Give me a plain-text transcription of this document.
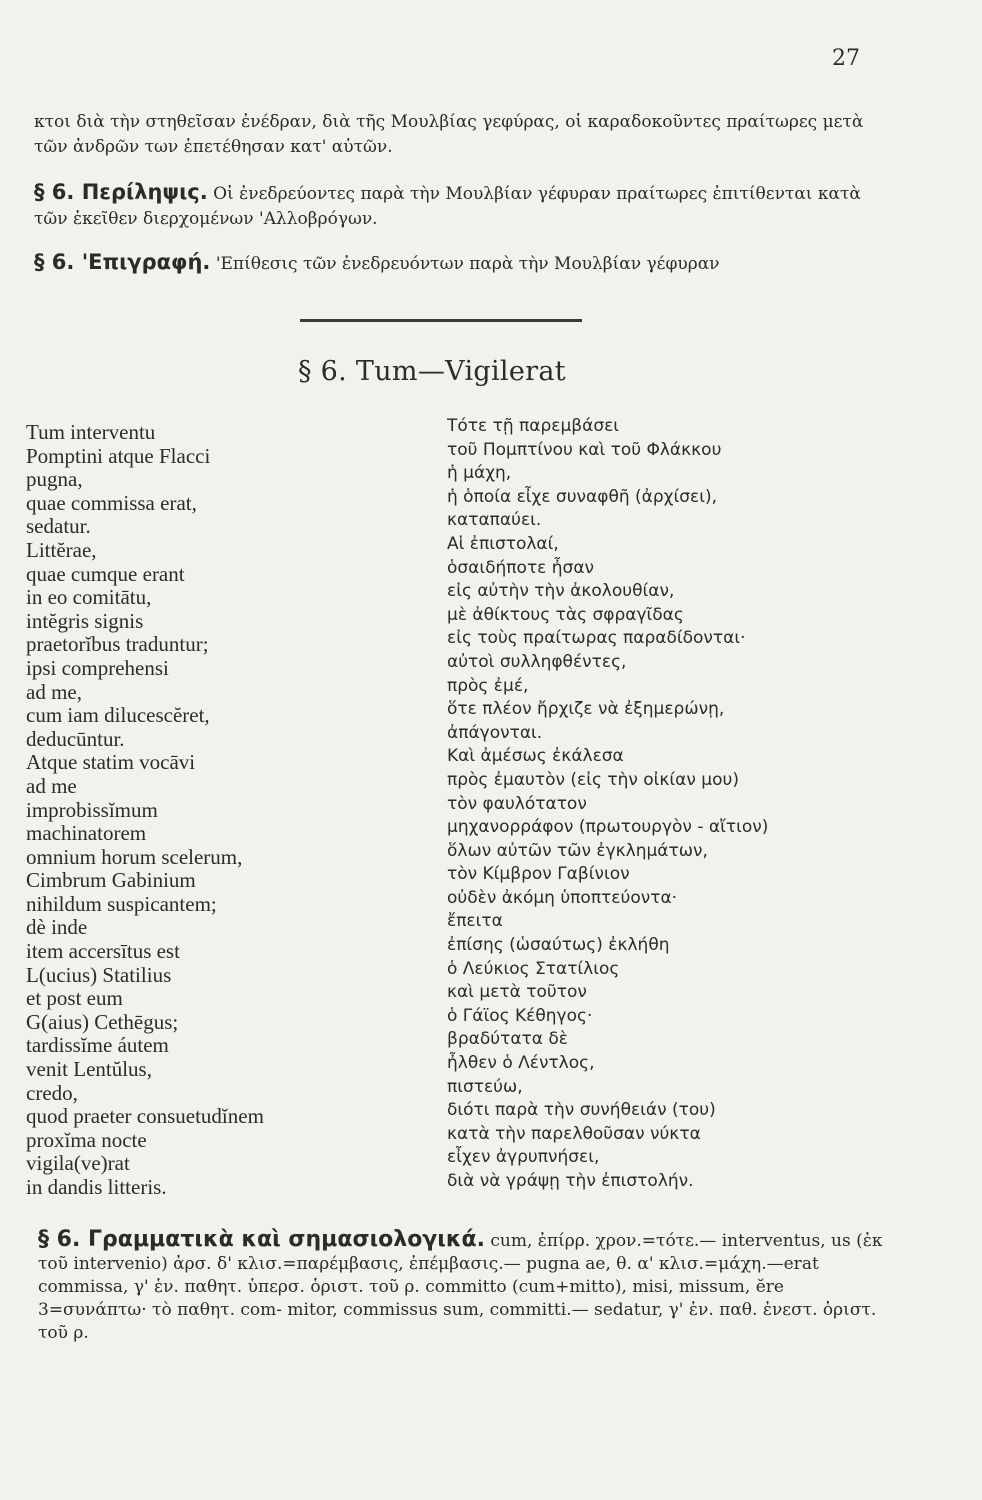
27

κτοι διὰ τὴν στηθεῖσαν ἐνέδραν, διὰ τῆς Μουλβίας γεφύρας, οἱ καραδοκοῦντες πραίτωρες μετὰ τῶν ἀνδρῶν των ἐπετέθησαν κατ' αὐτῶν.

§ 6. Περίληψις. Οἱ ἐνεδρεύοντες παρὰ τὴν Μουλβίαν γέφυραν πραίτωρες ἐπιτίθενται κατὰ τῶν ἐκεῖθεν διερχομένων 'Αλλοβρόγων.

§ 6. 'Επιγραφή. 'Επίθεσις τῶν ἐνεδρευόντων παρὰ τὴν Μουλβίαν γέφυραν

§ 6. Tum—Vigilerat
Tum interventu
Pomptini atque Flacci
pugna,
quae commissa erat,
sedatur.
Littĕrae,
quae cumque erant
in eo comitātu,
intĕgris signis
praetorĭbus traduntur;
ipsi comprehensi
ad me,
cum iam dilucescĕret,
deducūntur.
Atque statim vocāvi
ad me
improbissĭmum
machinatorem
omnium horum scelerum,
Cimbrum Gabinium
nihildum suspicantem;
dè inde
item accersītus est
L(ucius) Statilius
et post eum
G(aius) Cethēgus;
tardissĭme áutem
venit Lentŭlus,
credo,
quod praeter consuetudĭnem
proxĭma nocte
vigila(ve)rat
in dandis litteris.
Τότε τῇ παρεμβάσει
τοῦ Πομπτίνου καὶ τοῦ Φλάκκου
ἡ μάχη,
ἡ ὁποία εἶχε συναφθῆ (ἀρχίσει),
καταπαύει.
Αἱ ἐπιστολαί,
ὁσαιδήποτε ἦσαν
εἰς αὐτὴν τὴν ἀκολουθίαν,
μὲ ἀθίκτους τὰς σφραγῖδας
εἰς τοὺς πραίτωρας παραδίδονται·
αὐτοὶ συλληφθέντες,
πρὸς ἐμέ,
ὅτε πλέον ἤρχιζε νὰ ἐξημερώνῃ,
ἀπάγονται.
Καὶ ἀμέσως ἐκάλεσα
πρὸς ἐμαυτὸν (εἰς τὴν οἰκίαν μου)
τὸν φαυλότατον
μηχανορράφον (πρωτουργὸν - αἴτιον)
ὅλων αὐτῶν τῶν ἐγκλημάτων,
τὸν Κίμβρον Γαβίνιον
οὐδὲν ἀκόμη ὑποπτεύοντα·
ἔπειτα
ἐπίσης (ὡσαύτως) ἐκλήθη
ὁ Λεύκιος Στατίλιος
καὶ μετὰ τοῦτον
ὁ Γάϊος Κέθηγος·
βραδύτατα δὲ
ἦλθεν ὁ Λέντλος,
πιστεύω,
διότι παρὰ τὴν συνήθειάν (του)
κατὰ τὴν παρελθοῦσαν νύκτα
εἶχεν ἀγρυπνήσει,
διὰ νὰ γράψῃ τὴν ἐπιστολήν.

§ 6. Γραμματικὰ καὶ σημασιολογικά. cum, ἐπίρρ. χρον.=τότε.— interventus, us (ἐκ τοῦ intervenio) ἀρσ. δ' κλισ.=παρέμβασις, ἐπέμβασις.— pugna ae, θ. α' κλισ.=μάχη.—erat commissa, γ' ἑν. παθητ. ὑπερσ. ὁριστ. τοῦ ρ. committo (cum+mitto), misi, missum, ĕre 3=συνάπτω· τὸ παθητ. com- mitor, commissus sum, committi.— sedatur, γ' ἑν. παθ. ἐνεστ. ὁριστ. τοῦ ρ.
